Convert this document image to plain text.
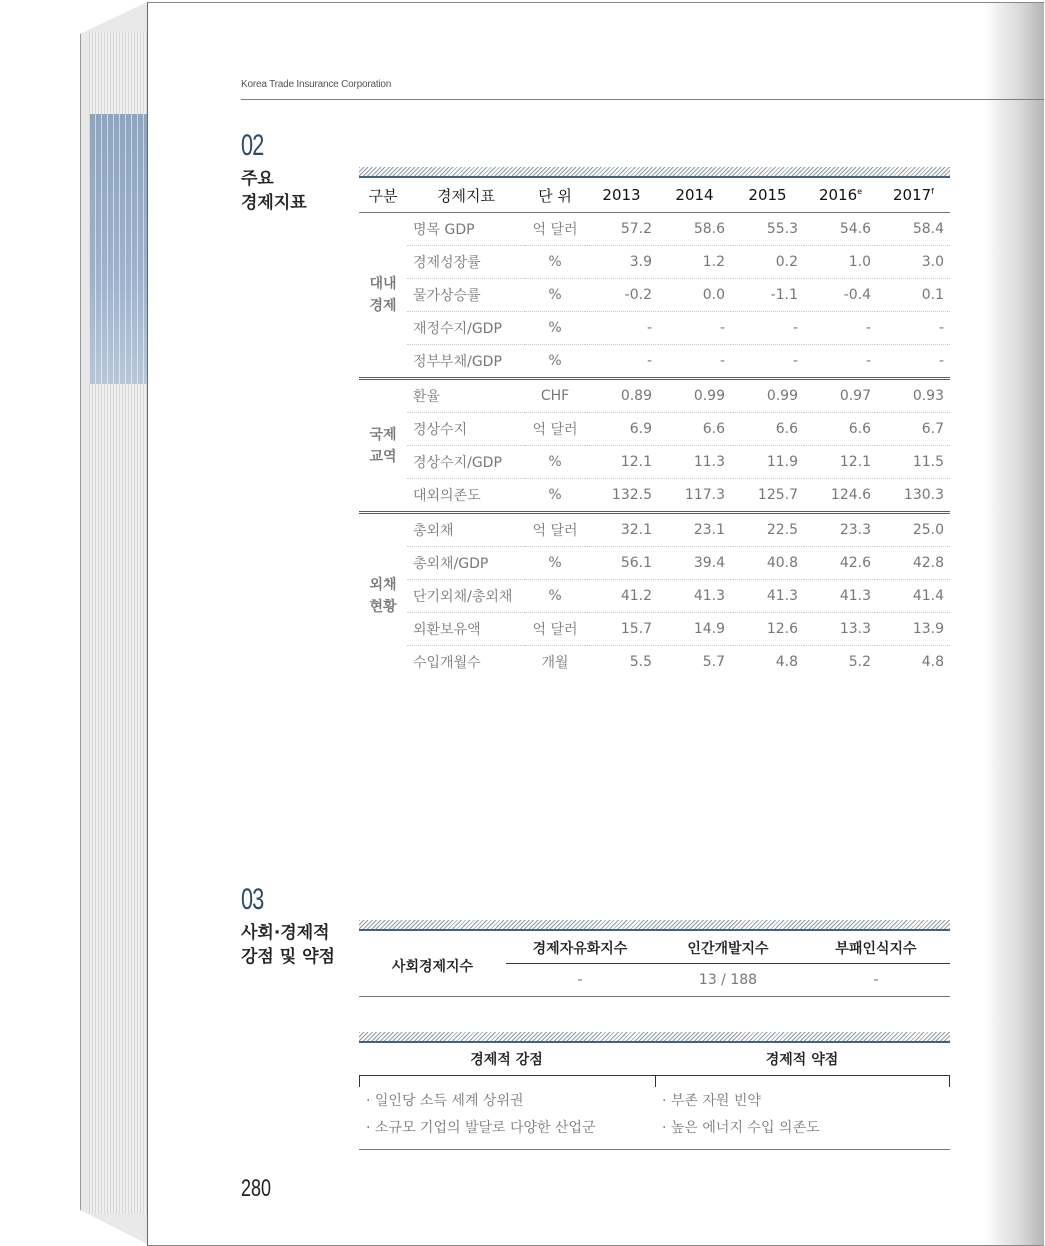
Korea Trade Insurance Corporation
02
주요
경제지표	구분	경제지표	단 위	2013	2014	2015	2016e	2017$^f$

대내
경제	명목 GDP	억 달러	57.2	58.6	55.3	54.6	58.4
	경제성장률	%	3.9	1.2	0.2	1.0	3.0
	물가상승률	%	-0.2	0.0	-1.1	-0.4	0.1
	재정수지/GDP	%	-	-	-	-	-
	정부부채/GDP	%	-	-	-	-	-

국제
교역	환율	CHF	0.89	0.99	0.99	0.97	0.93
	경상수지	억 달러	6.9	6.6	6.6	6.6	6.7
	경상수지/GDP	%	12.1	11.3	11.9	12.1	11.5
	대외의존도	%	132.5	117.3	125.7	124.6	130.3

외채
현황	총외채	억 달러	32.1	23.1	22.5	23.3	25.0
	총외채/GDP	%	56.1	39.4	40.8	42.6	42.8
	단기외채/총외채	%	41.2	41.3	41.3	41.3	41.4
	외환보유액	억 달러	15.7	14.9	12.6	13.3	13.9
	수입개월수	개월	5.5	5.7	4.8	5.2	4.8
03
사회·경제적
강점 및 약점	사회경제지수	경제자유화지수	인간개발지수	부패인식지수
	-	13 / 188	-

경제적 강점	경제적 약점
· 일인당 소득 세계 상위권
· 소규모 기업의 발달로 다양한 산업군
· 부존 자원 빈약
· 높은 에너지 수입 의존도
280
